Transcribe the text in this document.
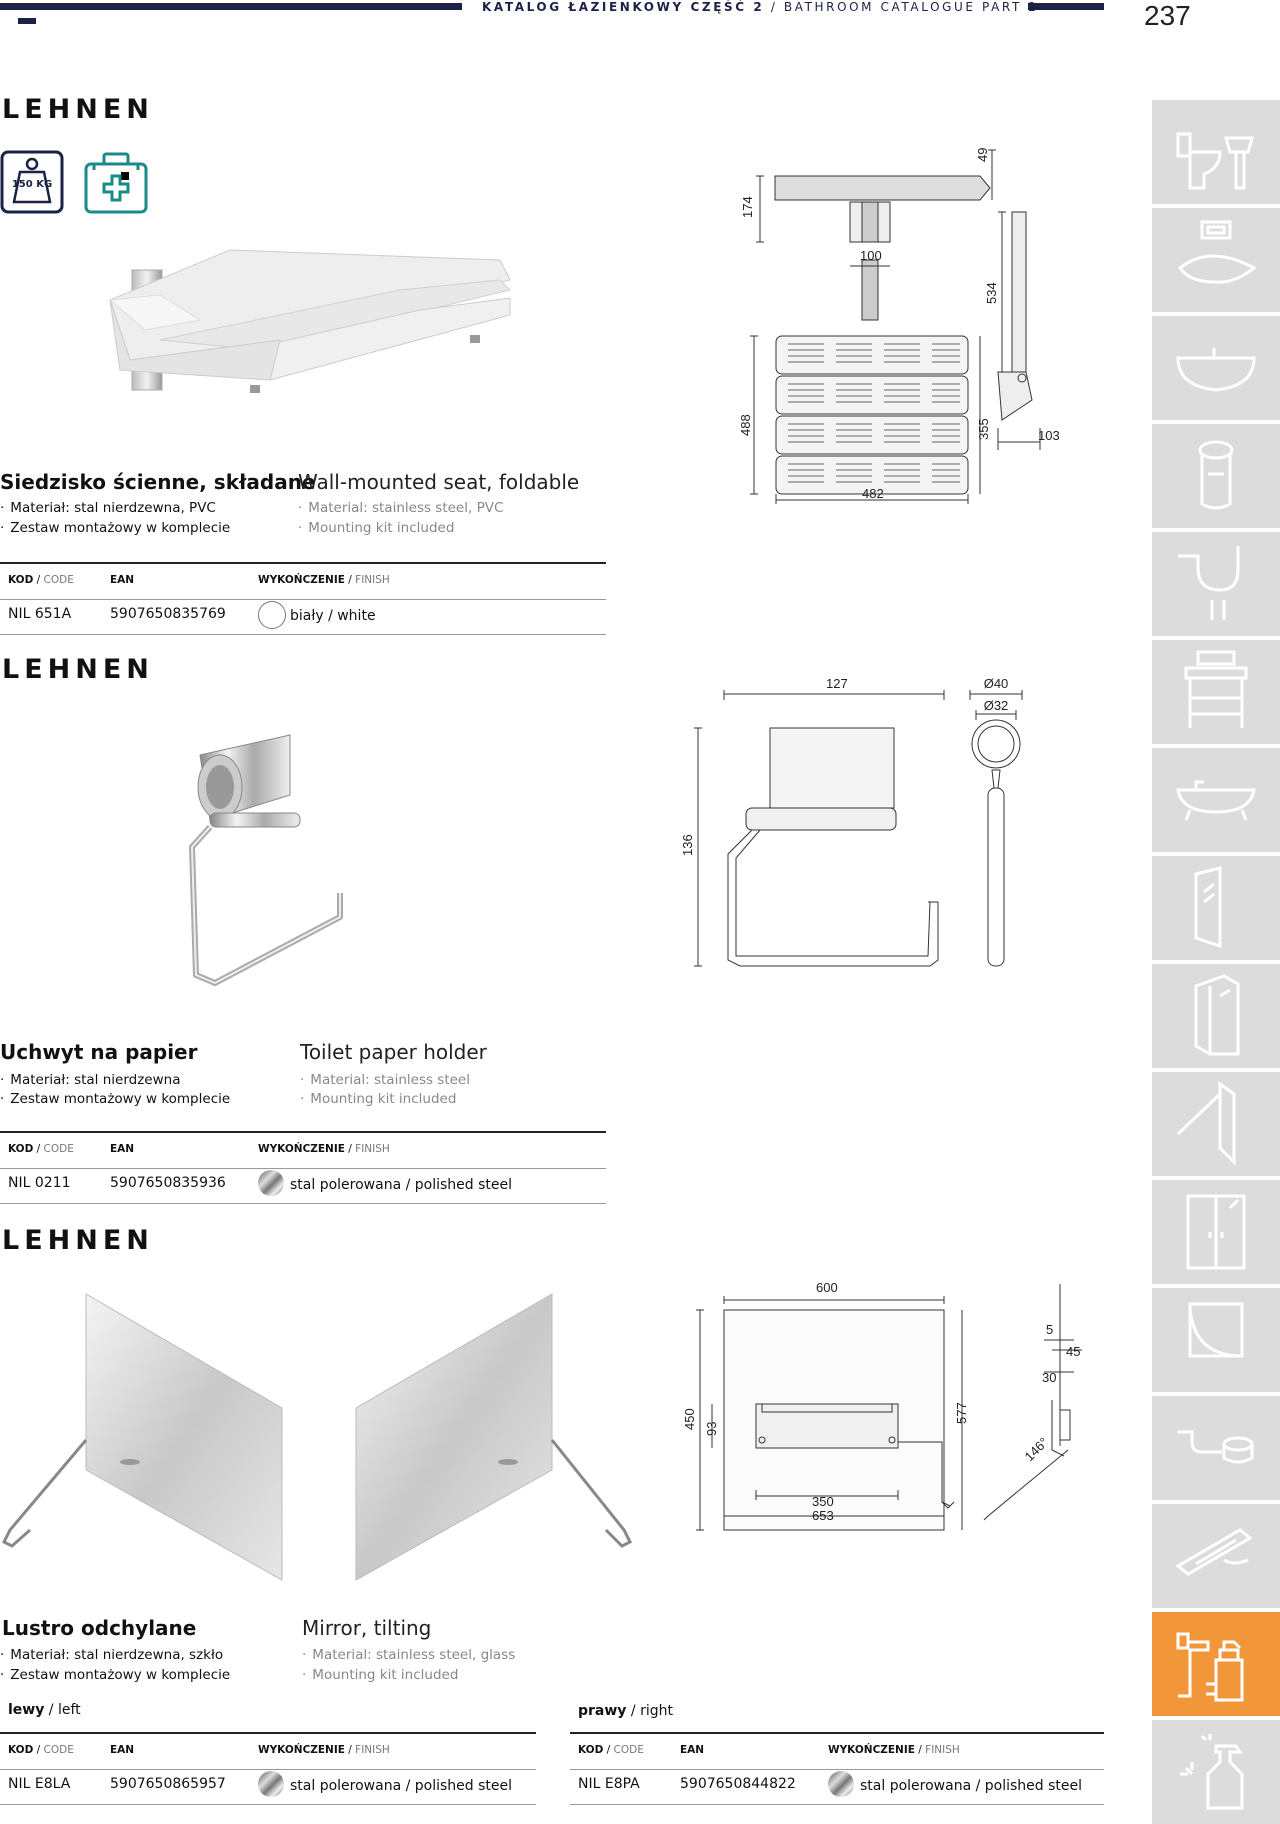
KATALOG ŁAZIENKOWY CZĘŚĆ 2 / BATHROOM CATALOGUE PART 2	237
LEHNEN
150 KG
49
174
100
534
488	355	103
482
Siedzisko ścienne, składane
Wall-mounted seat, foldable
· Materiał: stal nierdzewna, PVC
· Zestaw montażowy w komplecie
· Material: stainless steel, PVC
· Mounting kit included
KOD / CODE	EAN	WYKOŃCZENIE / FINISH
NIL 651A	5907650835769	biały / white
LEHNEN	127	Ø40
Ø32
136
Uchwyt na papier	Toilet paper holder
· Materiał: stal nierdzewna
· Zestaw montażowy w komplecie
· Material: stainless steel
· Mounting kit included
KOD / CODE	EAN	WYKOŃCZENIE / FINISH
NIL 0211	5907650835936	stal polerowana / polished steel
LEHNEN
600
5
45
30
450 93
577
146°
350
653
Lustro odchylane	Mirror, tilting
· Materiał: stal nierdzewna, szkło
· Zestaw montażowy w komplecie
· Material: stainless steel, glass
· Mounting kit included
lewy / left
KOD / CODE	EAN	WYKOŃCZENIE / FINISH
NIL E8LA	5907650865957	stal polerowana / polished steel
prawy / right
KOD / CODE	EAN	WYKOŃCZENIE / FINISH
NIL E8PA	5907650844822	stal polerowana / polished steel
